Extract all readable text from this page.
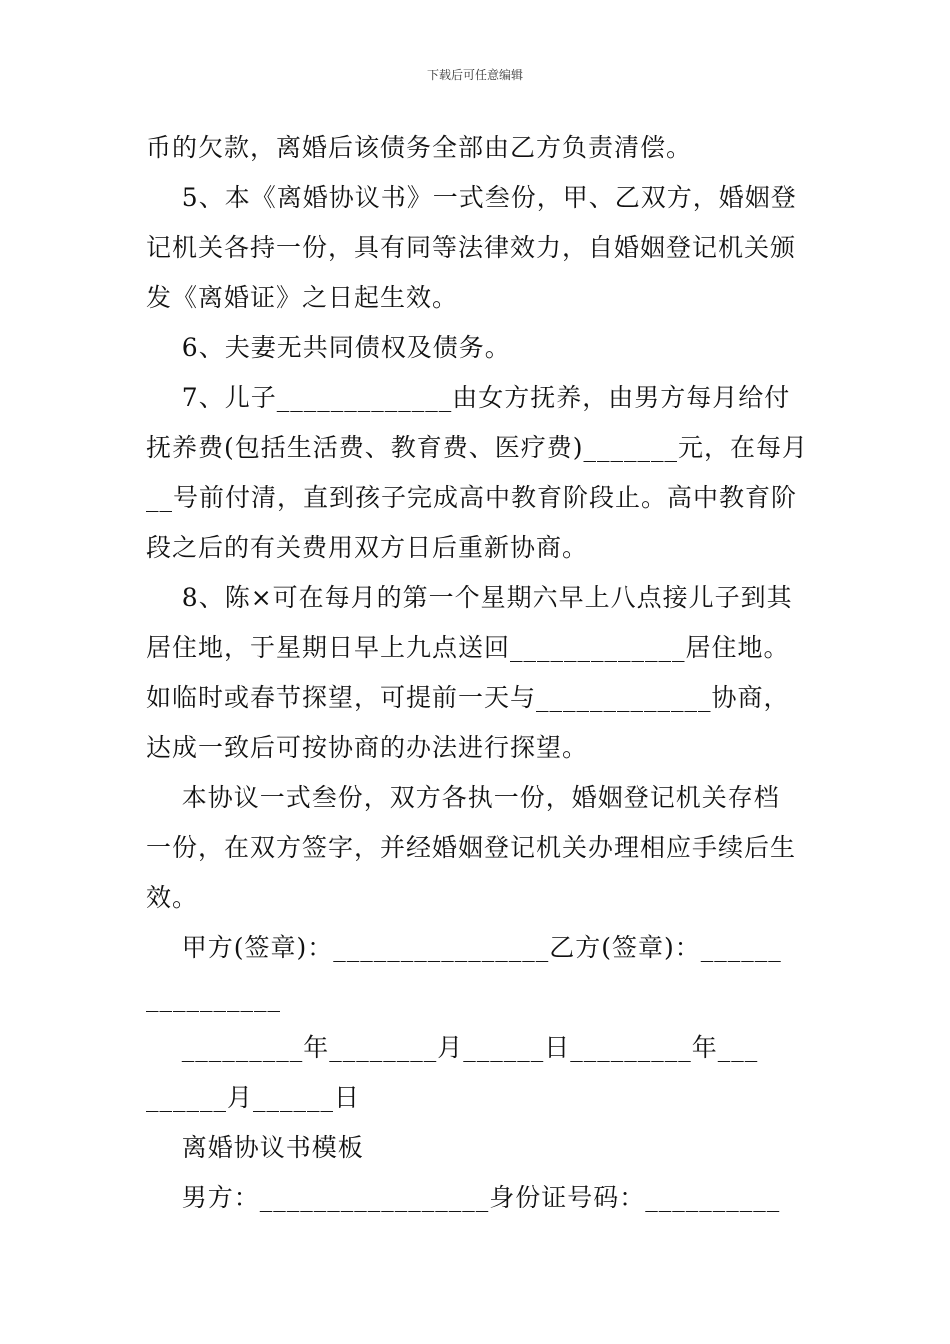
下载后可任意编辑
币的欠款，离婚后该债务全部由乙方负责清偿。
5、本《离婚协议书》一式叁份，甲、乙双方，婚姻登
记机关各持一份，具有同等法律效力，自婚姻登记机关颁
发《离婚证》之日起生效。
6、夫妻无共同债权及债务。
7、儿子_____________由女方抚养，由男方每月给付
抚养费(包括生活费、教育费、医疗费)_______元，在每月
__号前付清，直到孩子完成高中教育阶段止。高中教育阶
段之后的有关费用双方日后重新协商。
8、陈×可在每月的第一个星期六早上八点接儿子到其
居住地，于星期日早上九点送回_____________居住地。
如临时或春节探望，可提前一天与_____________协商，
达成一致后可按协商的办法进行探望。
本协议一式叁份，双方各执一份，婚姻登记机关存档
一份，在双方签字，并经婚姻登记机关办理相应手续后生
效。
甲方(签章)：________________乙方(签章)：______
__________
_________年________月______日_________年___
______月______日
离婚协议书模板
男方：_________________身份证号码：__________
